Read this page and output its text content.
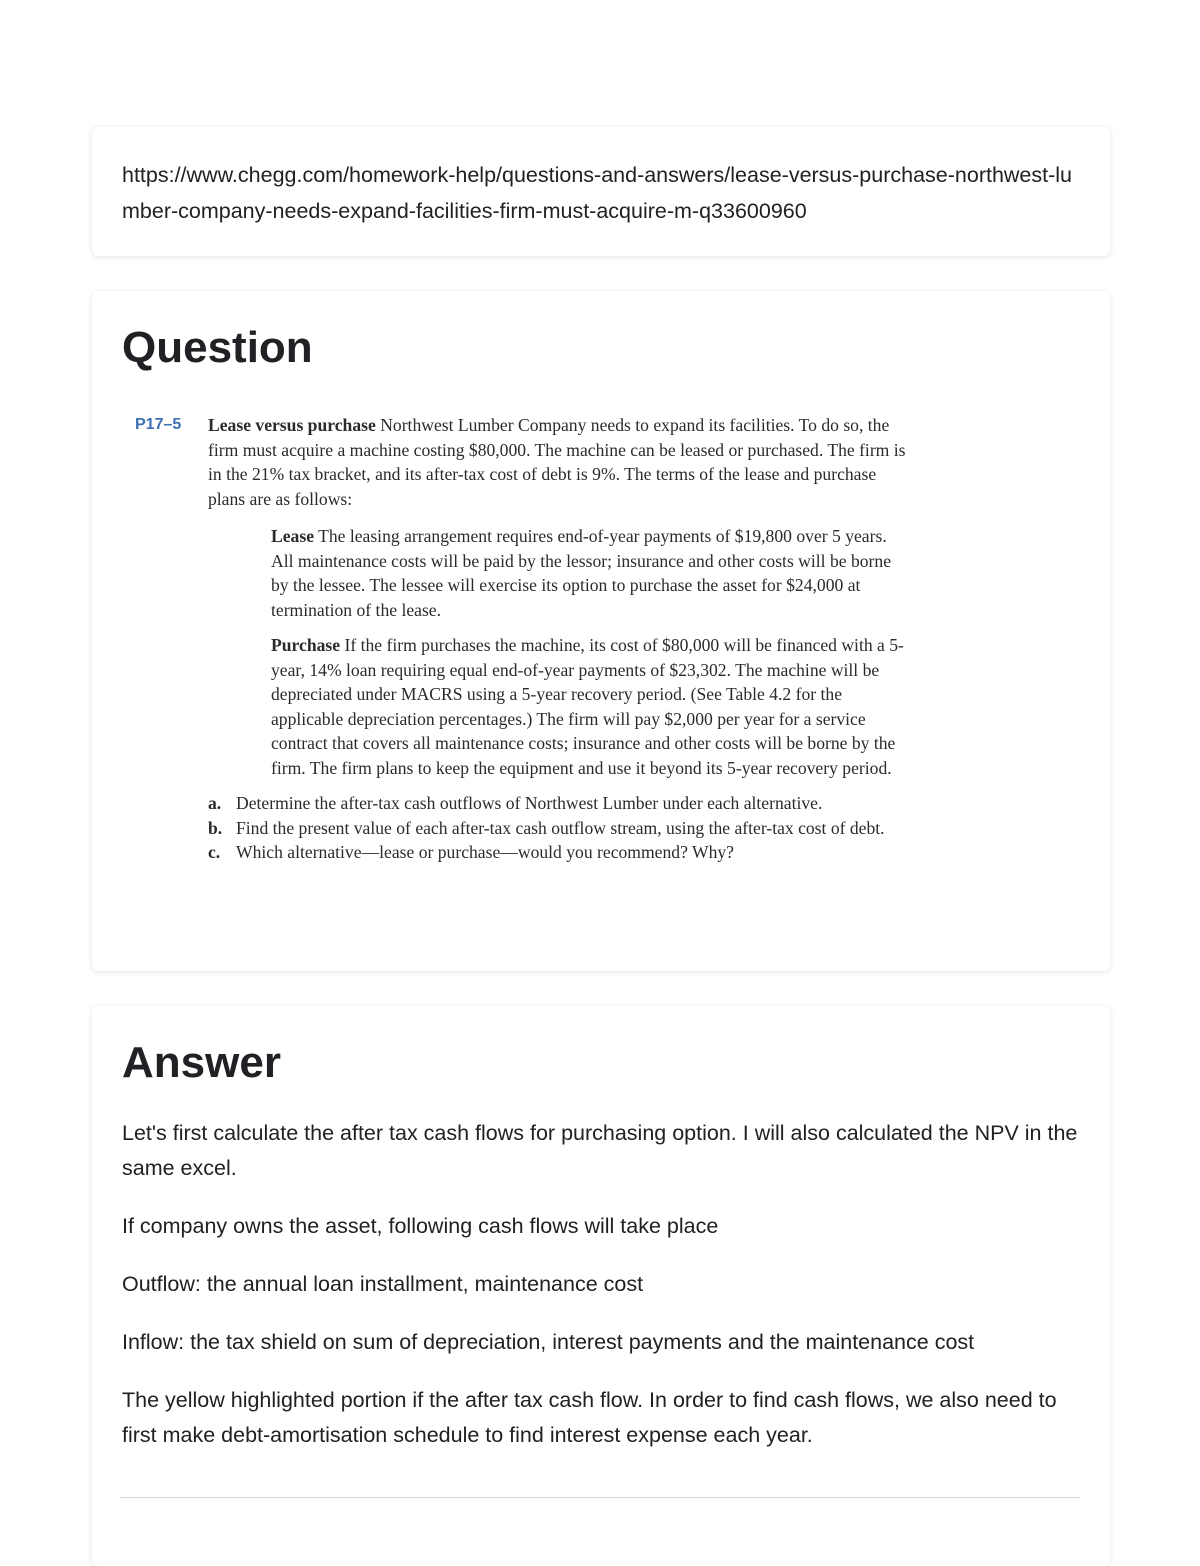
https://www.chegg.com/homework-help/questions-and-answers/lease-versus-purchase-northwest-lumber-company-needs-expand-facilities-firm-must-acquire-m-q33600960
Question
P17–5 Lease versus purchase Northwest Lumber Company needs to expand its facilities. To do so, the firm must acquire a machine costing $80,000. The machine can be leased or purchased. The firm is in the 21% tax bracket, and its after-tax cost of debt is 9%. The terms of the lease and purchase plans are as follows:

Lease The leasing arrangement requires end-of-year payments of $19,800 over 5 years. All maintenance costs will be paid by the lessor; insurance and other costs will be borne by the lessee. The lessee will exercise its option to purchase the asset for $24,000 at termination of the lease.

Purchase If the firm purchases the machine, its cost of $80,000 will be financed with a 5-year, 14% loan requiring equal end-of-year payments of $23,302. The machine will be depreciated under MACRS using a 5-year recovery period. (See Table 4.2 for the applicable depreciation percentages.) The firm will pay $2,000 per year for a service contract that covers all maintenance costs; insurance and other costs will be borne by the firm. The firm plans to keep the equipment and use it beyond its 5-year recovery period.

a. Determine the after-tax cash outflows of Northwest Lumber under each alternative.
b. Find the present value of each after-tax cash outflow stream, using the after-tax cost of debt.
c. Which alternative—lease or purchase—would you recommend? Why?
Answer

Let's first calculate the after tax cash flows for purchasing option. I will also calculated the NPV in the same excel.

If company owns the asset, following cash flows will take place

Outflow: the annual loan installment, maintenance cost

Inflow: the tax shield on sum of depreciation, interest payments and the maintenance cost

The yellow highlighted portion if the after tax cash flow. In order to find cash flows, we also need to first make debt-amortisation schedule to find interest expense each year.
